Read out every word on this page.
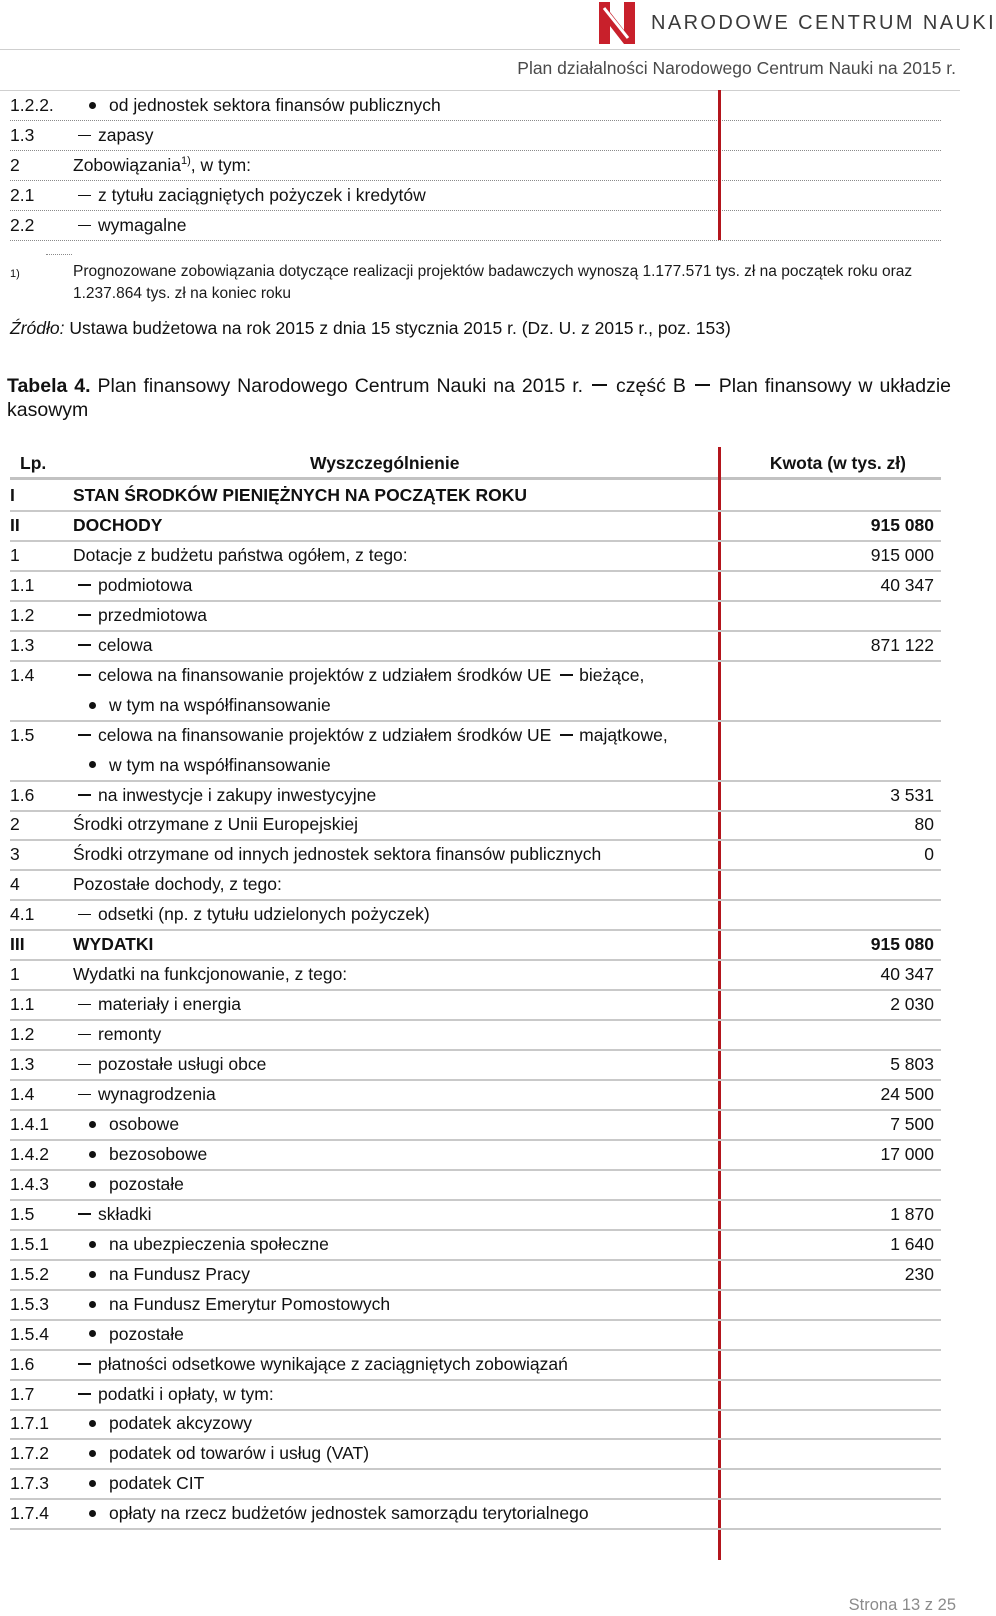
NARODOWE CENTRUM NAUKI
Plan działalności Narodowego Centrum Nauki na 2015 r.
1.2.2.	od jednostek sektora finansów publicznych
1.3	zapasy
2	Zobowiązania$^{1)}$, w tym:
2.1	z tytułu zaciągniętych pożyczek i kredytów
2.2	wymagalne
1)	Prognozowane zobowiązania dotyczące realizacji projektów badawczych wynoszą 1.177.571 tys. zł na początek roku oraz 1.237.864 tys. zł na koniec roku
Źródło: Ustawa budżetowa na rok 2015 z dnia 15 stycznia 2015 r. (Dz. U. z 2015 r., poz. 153)
Tabela 4. Plan finansowy Narodowego Centrum Nauki na 2015 r.  część B  Plan finansowy w układzie kasowym
Lp.	Wyszczególnienie	Kwota (w tys. zł)
I	STAN ŚRODKÓW PIENIĘŻNYCH NA POCZĄTEK ROKU
II	DOCHODY	915 080
1	Dotacje z budżetu państwa ogółem, z tego:	915 000
1.1	podmiotowa	40 347
1.2	przedmiotowa
1.3	celowa	871 122
1.4	celowa na finansowanie projektów z udziałem środków UE bieżące,
w tym na współfinansowanie
1.5	celowa na finansowanie projektów z udziałem środków UE majątkowe,
w tym na współfinansowanie
1.6	na inwestycje i zakupy inwestycyjne	3 531
2	Środki otrzymane z Unii Europejskiej	80
3	Środki otrzymane od innych jednostek sektora finansów publicznych	0
4	Pozostałe dochody, z tego:
4.1	odsetki (np. z tytułu udzielonych pożyczek)
III	WYDATKI	915 080
1	Wydatki na funkcjonowanie, z tego:	40 347
1.1	materiały i energia	2 030
1.2	remonty
1.3	pozostałe usługi obce	5 803
1.4	wynagrodzenia	24 500
1.4.1	osobowe	7 500
1.4.2	bezosobowe	17 000
1.4.3	pozostałe
1.5	składki	1 870
1.5.1	na ubezpieczenia społeczne	1 640
1.5.2	na Fundusz Pracy	230
1.5.3	na Fundusz Emerytur Pomostowych
1.5.4	pozostałe
1.6	płatności odsetkowe wynikające z zaciągniętych zobowiązań
1.7	podatki i opłaty, w tym:
1.7.1	podatek akcyzowy
1.7.2	podatek od towarów i usług (VAT)
1.7.3	podatek CIT
1.7.4	opłaty na rzecz budżetów jednostek samorządu terytorialnego
Strona 13 z 25
